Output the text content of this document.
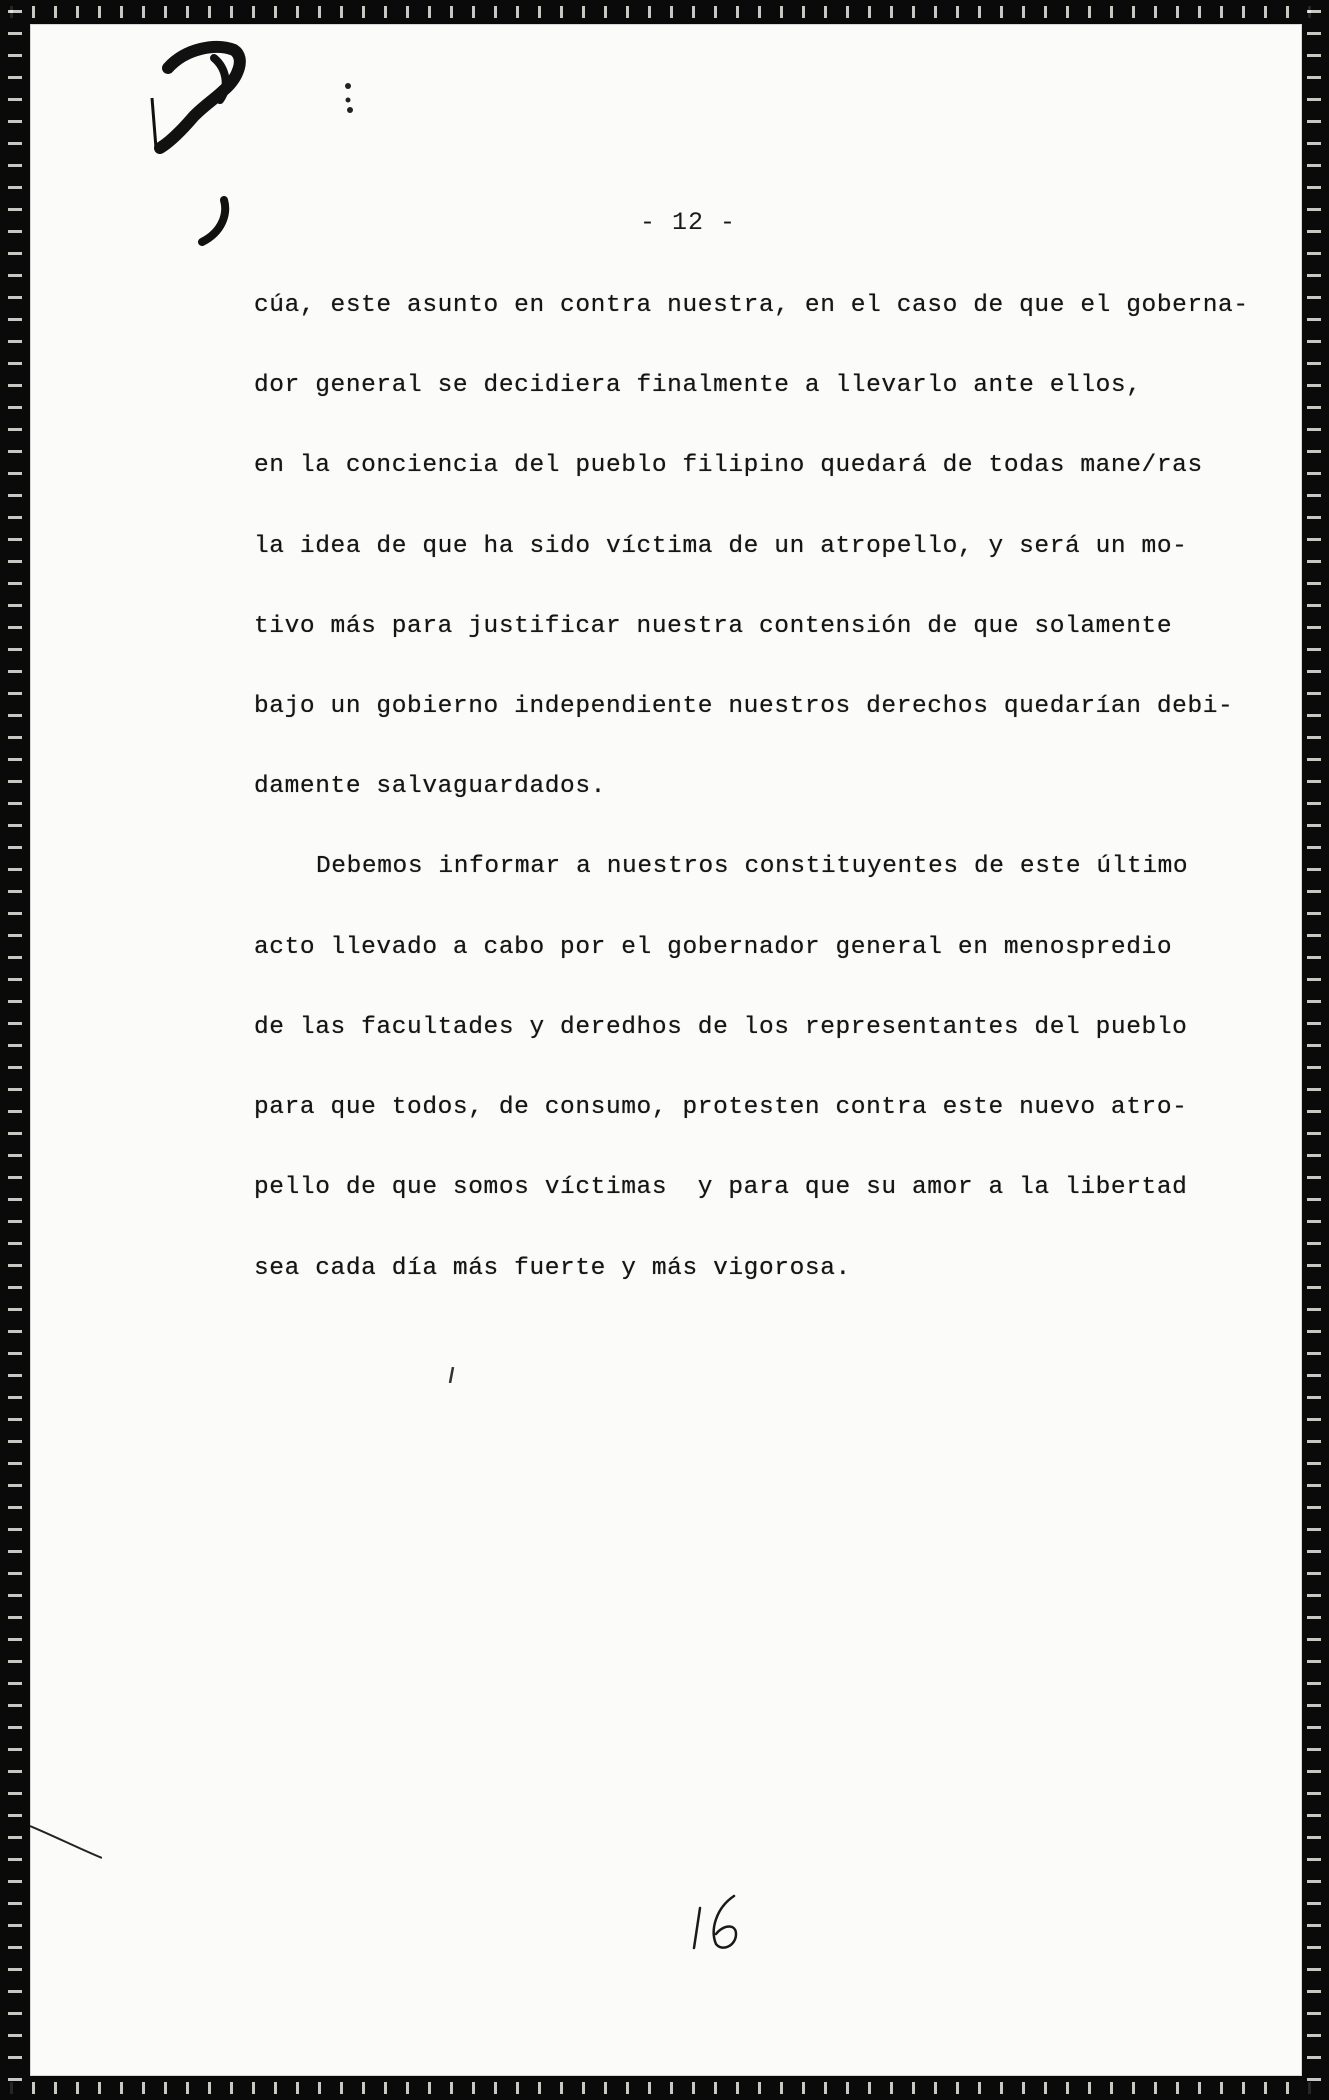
- 12 -
cúa, este asunto en contra nuestra, en el caso de que el goberna-
dor general se decidiera finalmente a llevarlo ante ellos,
en la conciencia del pueblo filipino quedará de todas mane/ras
la idea de que ha sido víctima de un atropello, y será un mo-
tivo más para justificar nuestra contensión de que solamente
bajo un gobierno independiente nuestros derechos quedarían debi-
damente salvaguardados.
Debemos informar a nuestros constituyentes de este último
acto llevado a cabo por el gobernador general en menospredio
de las facultades y deredhos de los representantes del pueblo
para que todos, de consumo, protesten contra este nuevo atro-
pello de que somos víctimas  y para que su amor a la libertad
sea cada día más fuerte y más vigorosa.
